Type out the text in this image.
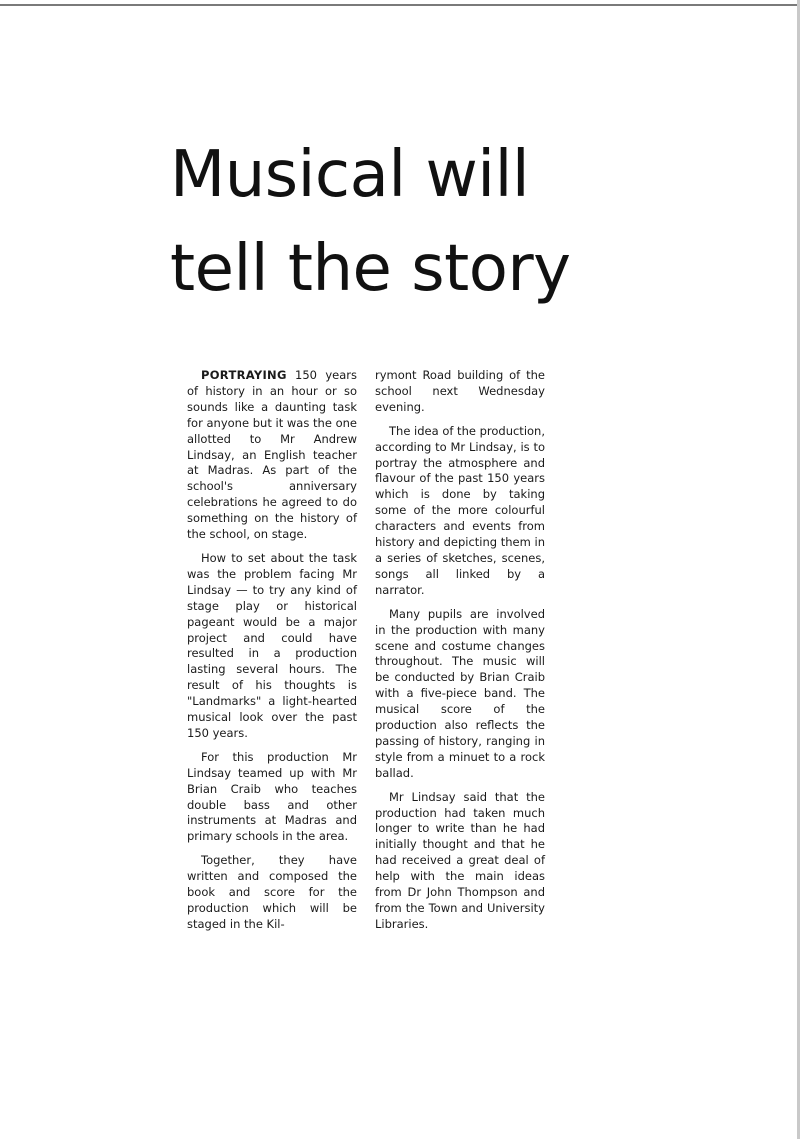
Musical will
tell the story

PORTRAYING 150 years of history in an hour or so sounds like a daunting task for anyone but it was the one allotted to Mr Andrew Lindsay, an English teacher at Madras. As part of the school's anniversary celebrations he agreed to do something on the history of the school, on stage.

How to set about the task was the problem facing Mr Lindsay — to try any kind of stage play or historical pageant would be a major project and could have resulted in a production lasting several hours. The result of his thoughts is "Landmarks" a light-hearted musical look over the past 150 years.

For this production Mr Lindsay teamed up with Mr Brian Craib who teaches double bass and other instruments at Madras and primary schools in the area.

Together, they have written and composed the book and score for the production which will be staged in the Kil-

rymont Road building of the school next Wednesday evening.

The idea of the production, according to Mr Lindsay, is to portray the atmosphere and flavour of the past 150 years which is done by taking some of the more colourful characters and events from history and depicting them in a series of sketches, scenes, songs all linked by a narrator.

Many pupils are involved in the production with many scene and costume changes throughout. The music will be conducted by Brian Craib with a five-piece band. The musical score of the production also reflects the passing of history, ranging in style from a minuet to a rock ballad.

Mr Lindsay said that the production had taken much longer to write than he had initially thought and that he had received a great deal of help with the main ideas from Dr John Thompson and from the Town and University Libraries.
